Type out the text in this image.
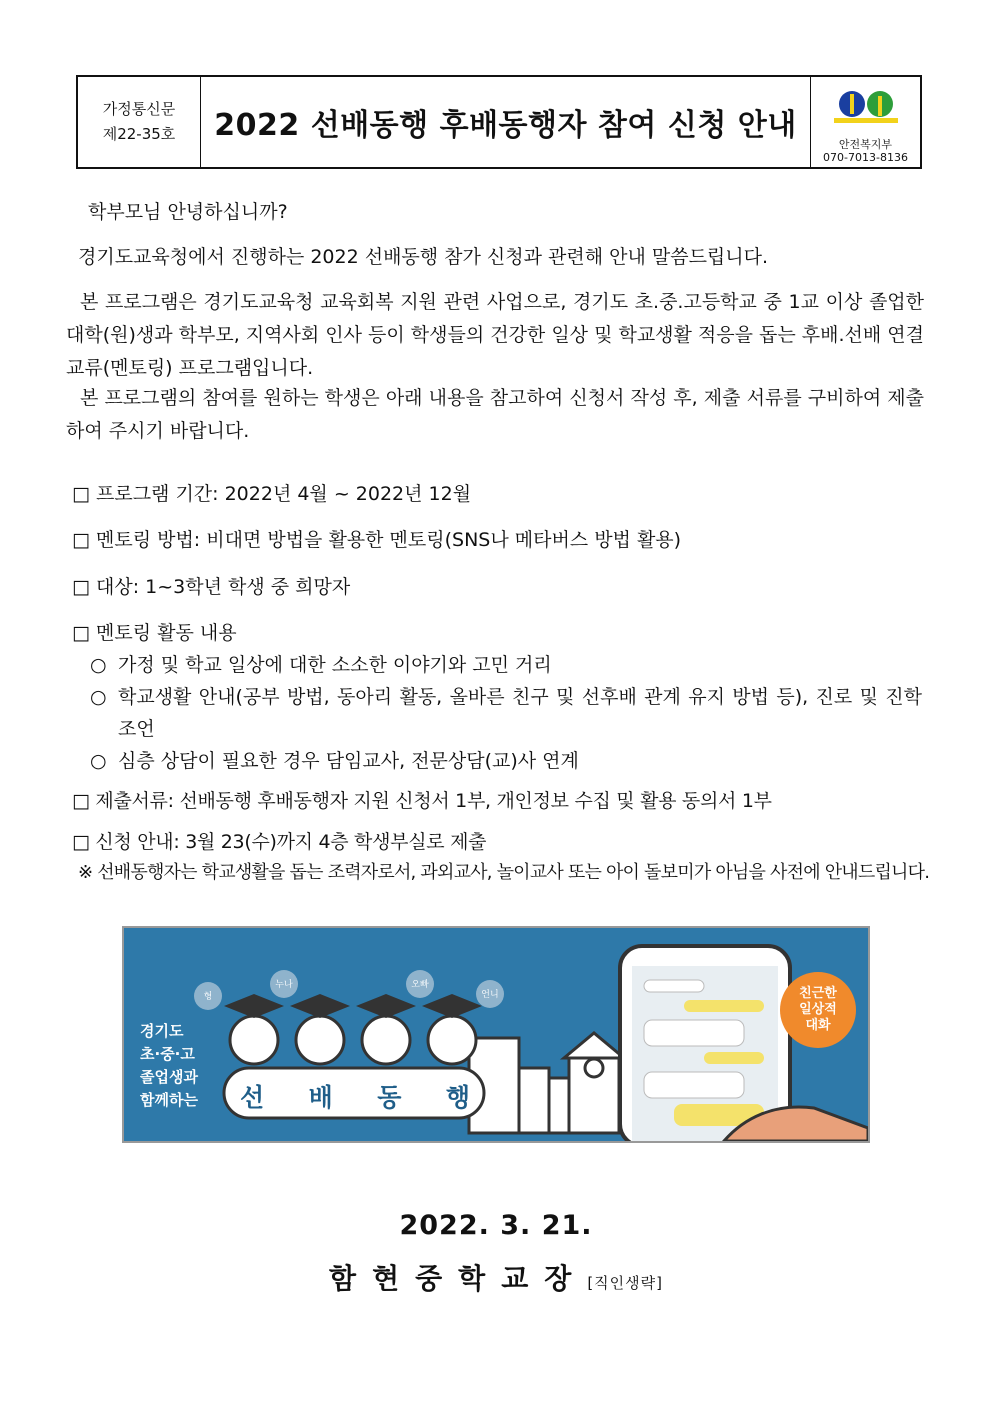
가정통신문
제22-35호	2022 선배동행 후배동행자 참여 신청 안내
안전복지부
070-7013-8136
학부모님 안녕하십니까?
경기도교육청에서 진행하는 2022 선배동행 참가 신청과 관련해 안내 말씀드립니다.
본 프로그램은 경기도교육청 교육회복 지원 관련 사업으로, 경기도 초.중.고등학교 중 1교 이상 졸업한 대학(원)생과 학부모, 지역사회 인사 등이 학생들의 건강한 일상 및 학교생활 적응을 돕는 후배.선배 연결 교류(멘토링) 프로그램입니다.
본 프로그램의 참여를 원하는 학생은 아래 내용을 참고하여 신청서 작성 후, 제출 서류를 구비하여 제출하여 주시기 바랍니다.
□ 프로그램 기간: 2022년 4월 ~ 2022년 12월
□ 멘토링 방법: 비대면 방법을 활용한 멘토링(SNS나 메타버스 방법 활용)
□ 대상: 1~3학년 학생 중 희망자
□ 멘토링 활동 내용
○ 가정 및 학교 일상에 대한 소소한 이야기와 고민 거리
○ 학교생활 안내(공부 방법, 동아리 활동, 올바른 친구 및 선후배 관계 유지 방법 등), 진로 및 진학 조언
○ 심층 상담이 필요한 경우 담임교사, 전문상담(교)사 연계
□ 제출서류: 선배동행 후배동행자 지원 신청서 1부, 개인정보 수집 및 활용 동의서 1부
□ 신청 안내: 3월 23(수)까지 4층 학생부실로 제출
※ 선배동행자는 학교생활을 돕는 조력자로서, 과외교사, 놀이교사 또는 아이 돌보미가 아님을 사전에 안내드립니다.
경기도
초·중·고
졸업생과
함께하는 선 배 동 행
형
누나	오빠
언니	친근한
일상적
대화
2022. 3. 21.
함현중학교장[직인생략]
